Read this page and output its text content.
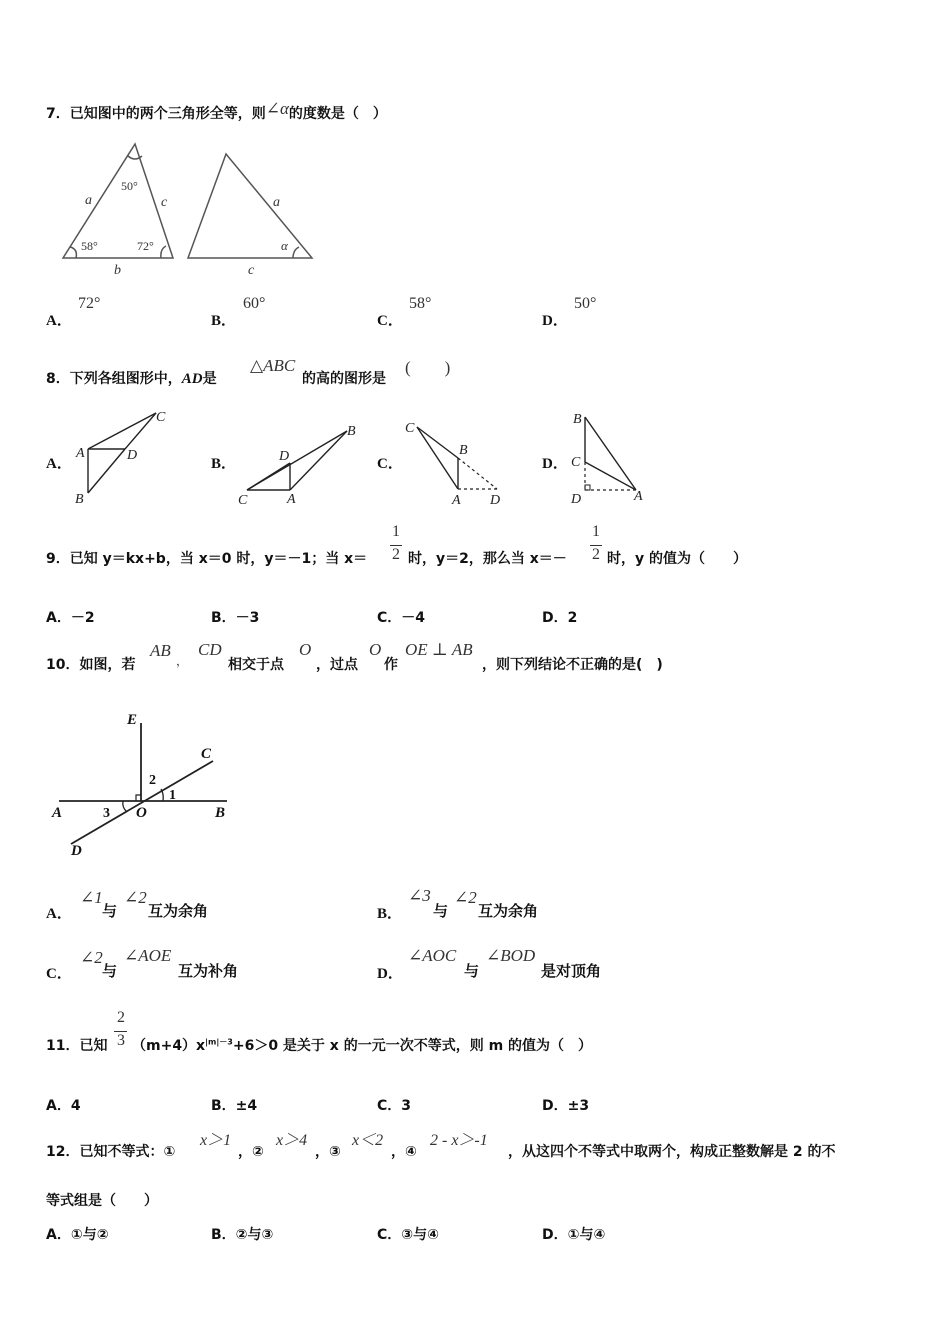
7．已知图中的两个三角形全等，则∠α的度数是（　）
a	c
b
a
c
α
50°
58°	72°
A．
72°
B．
60°
C．
58°
D．
50°
8．下列各组图形中，AD是
△ABC
的高的图形是
(　　)
A．
A
C
D
B
B．	D
B
C	A
C．
C
B
A D
D．
B
C
D	A
9．已知 y＝kx+b，当 x＝0 时，y＝－1；当 x＝
1
2 时，y＝2，那么当 x＝－
1
2 时，y 的值为（　　）
A．－2	B．－3	C．－4	D．2
10．如图，若
AB
，
CD
相交于点
O
，过点
O
作
OE ⊥ AB
，则下列结论不正确的是(　)
E
C
A	O	B
D
2
1
3
A．
∠1
与
∠2
互为余角	B．
∠3
与
∠2
互为余角
C．
∠2
与
∠AOE
互为补角	D．
∠AOC
与
∠BOD
是对顶角
11．已知
2
3 $(m+4)x^{|m|-3}+6>0$ 是关于 x 的一元一次不等式，则 m 的值为（　）
A．4	B．±4	C．3	D．±3
12．已知不等式：①
x＞1
，②
x＞4
，③
x＜2
，④
2 - x＞-1
，从这四个不等式中取两个，构成正整数解是 2 的不
等式组是（　　）
A．①与②	B．②与③	C．③与④	D．①与④
